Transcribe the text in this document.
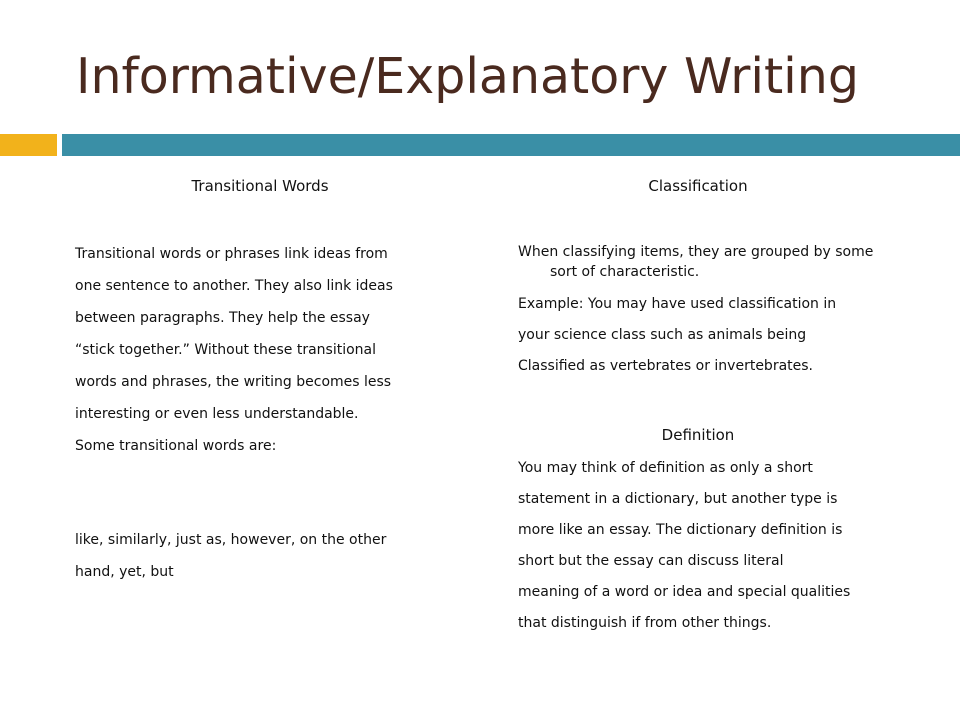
Informative/Explanatory Writing
Transitional Words

Transitional words or phrases link ideas from

one sentence to another. They also link ideas

between paragraphs. They help the essay

“stick together.” Without these transitional

words and phrases, the writing becomes less

interesting or even less understandable.

Some transitional words are:

like, similarly, just as, however, on the other

hand, yet, but

Classification

When classifying items, they are grouped by some

sort of characteristic.

Example: You may have used classification in

your science class such as animals being

Classified as vertebrates or invertebrates.

Definition

You may think of definition as only a short

statement in a dictionary, but another type is

more like an essay. The dictionary definition is

short but the essay can discuss literal

meaning of a word or idea and special qualities

that distinguish if from other things.
